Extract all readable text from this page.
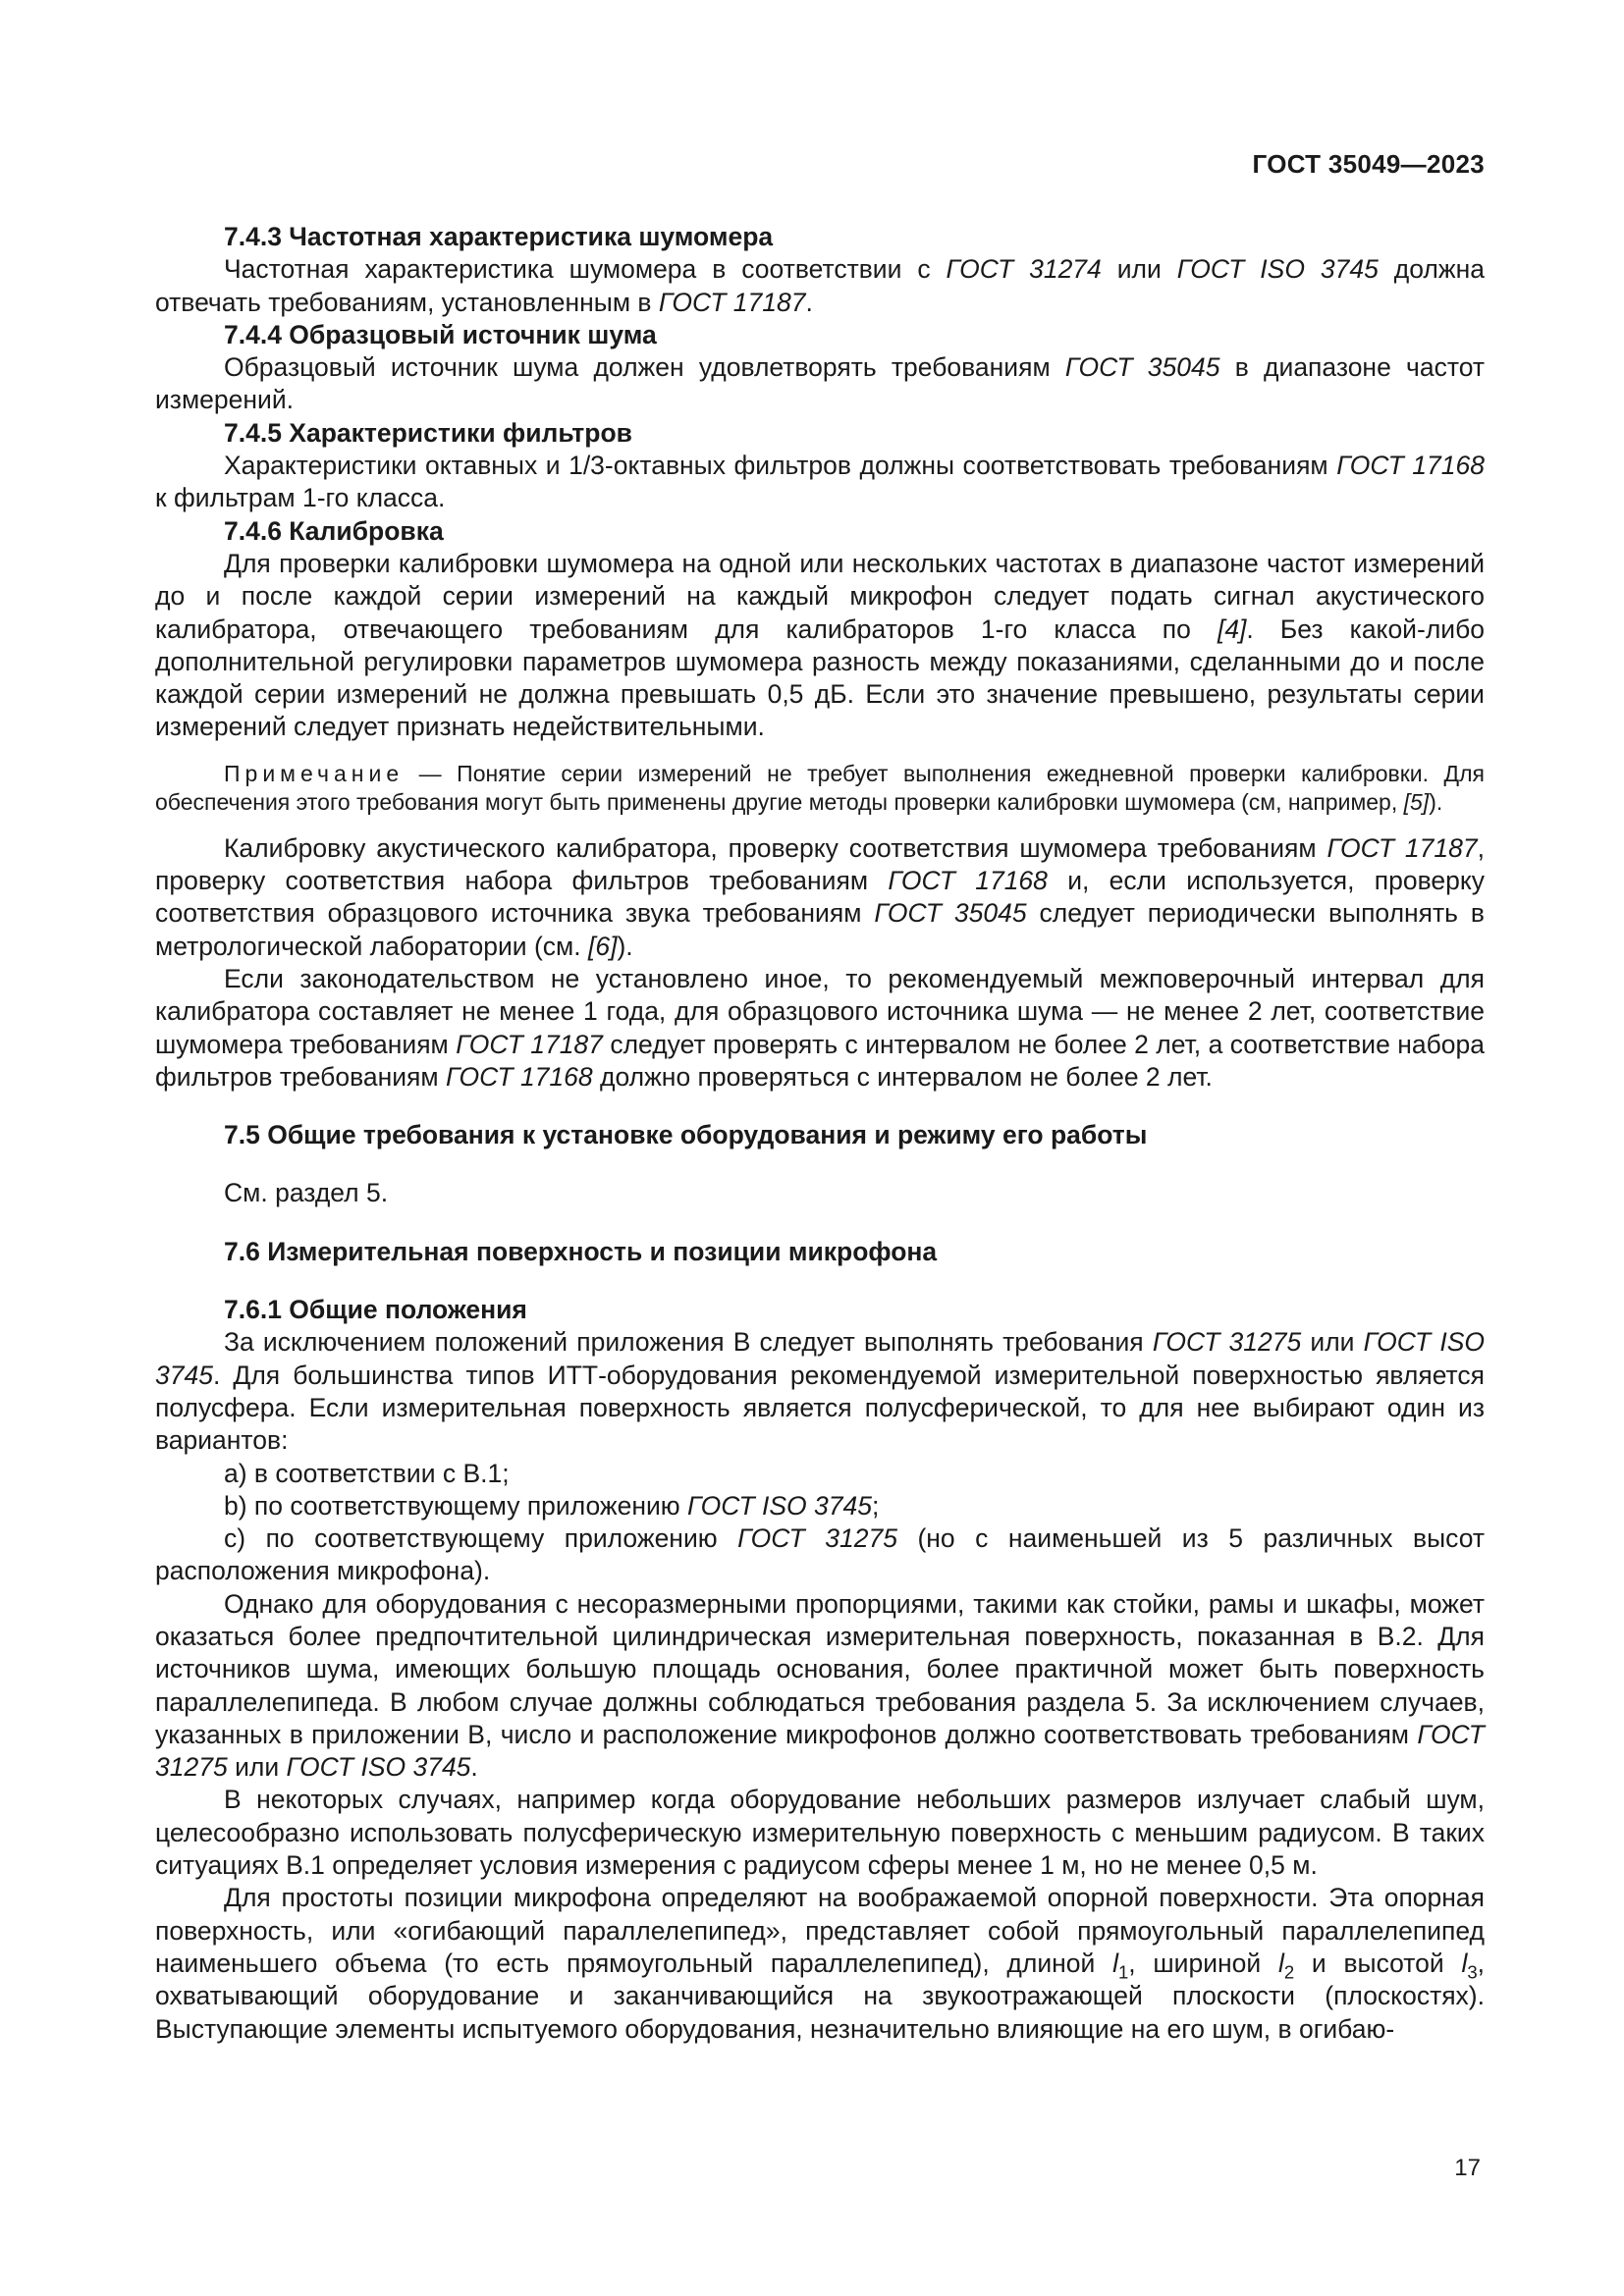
ГОСТ 35049—2023
7.4.3 Частотная характеристика шумомера

Частотная характеристика шумомера в соответствии с ГОСТ 31274 или ГОСТ ISO 3745 должна отвечать требованиям, установленным в ГОСТ 17187.

7.4.4 Образцовый источник шума

Образцовый источник шума должен удовлетворять требованиям ГОСТ 35045 в диапазоне частот измерений.

7.4.5 Характеристики фильтров

Характеристики октавных и 1/3-октавных фильтров должны соответствовать требованиям ГОСТ 17168 к фильтрам 1-го класса.

7.4.6 Калибровка

Для проверки калибровки шумомера на одной или нескольких частотах в диапазоне частот измерений до и после каждой серии измерений на каждый микрофон следует подать сигнал акустического калибратора, отвечающего требованиям для калибраторов 1-го класса по [4]. Без какой-либо дополнительной регулировки параметров шумомера разность между показаниями, сделанными до и после каждой серии измерений не должна превышать 0,5 дБ. Если это значение превышено, результаты серии измерений следует признать недействительными.

Примечание — Понятие серии измерений не требует выполнения ежедневной проверки калибровки. Для обеспечения этого требования могут быть применены другие методы проверки калибровки шумомера (см, например, [5]).

Калибровку акустического калибратора, проверку соответствия шумомера требованиям ГОСТ 17187, проверку соответствия набора фильтров требованиям ГОСТ 17168 и, если используется, проверку соответствия образцового источника звука требованиям ГОСТ 35045 следует периодически выполнять в метрологической лаборатории (см. [6]).

Если законодательством не установлено иное, то рекомендуемый межповерочный интервал для калибратора составляет не менее 1 года, для образцового источника шума — не менее 2 лет, соответствие шумомера требованиям ГОСТ 17187 следует проверять с интервалом не более 2 лет, а соответствие набора фильтров требованиям ГОСТ 17168 должно проверяться с интервалом не более 2 лет.

7.5 Общие требования к установке оборудования и режиму его работы

См. раздел 5.

7.6 Измерительная поверхность и позиции микрофона
7.6.1 Общие положения

За исключением положений приложения В следует выполнять требования ГОСТ 31275 или ГОСТ ISO 3745. Для большинства типов ИТТ-оборудования рекомендуемой измерительной поверхностью является полусфера. Если измерительная поверхность является полусферической, то для нее выбирают один из вариантов:

a) в соответствии с В.1;

b) по соответствующему приложению ГОСТ ISO 3745;

c) по соответствующему приложению ГОСТ 31275 (но с наименьшей из 5 различных высот расположения микрофона).

Однако для оборудования с несоразмерными пропорциями, такими как стойки, рамы и шкафы, может оказаться более предпочтительной цилиндрическая измерительная поверхность, показанная в В.2. Для источников шума, имеющих большую площадь основания, более практичной может быть поверхность параллелепипеда. В любом случае должны соблюдаться требования раздела 5. За исключением случаев, указанных в приложении В, число и расположение микрофонов должно соответствовать требованиям ГОСТ 31275 или ГОСТ ISO 3745.

В некоторых случаях, например когда оборудование небольших размеров излучает слабый шум, целесообразно использовать полусферическую измерительную поверхность с меньшим радиусом. В таких ситуациях В.1 определяет условия измерения с радиусом сферы менее 1 м, но не менее 0,5 м.

Для простоты позиции микрофона определяют на воображаемой опорной поверхности. Эта опорная поверхность, или «огибающий параллелепипед», представляет собой прямоугольный параллелепипед наименьшего объема (то есть прямоугольный параллелепипед), длиной $l_1$, шириной $l_2$ и высотой $l_3$, охватывающий оборудование и заканчивающийся на звукоотражающей плоскости (плоскостях). Выступающие элементы испытуемого оборудования, незначительно влияющие на его шум, в огибаю-

17
